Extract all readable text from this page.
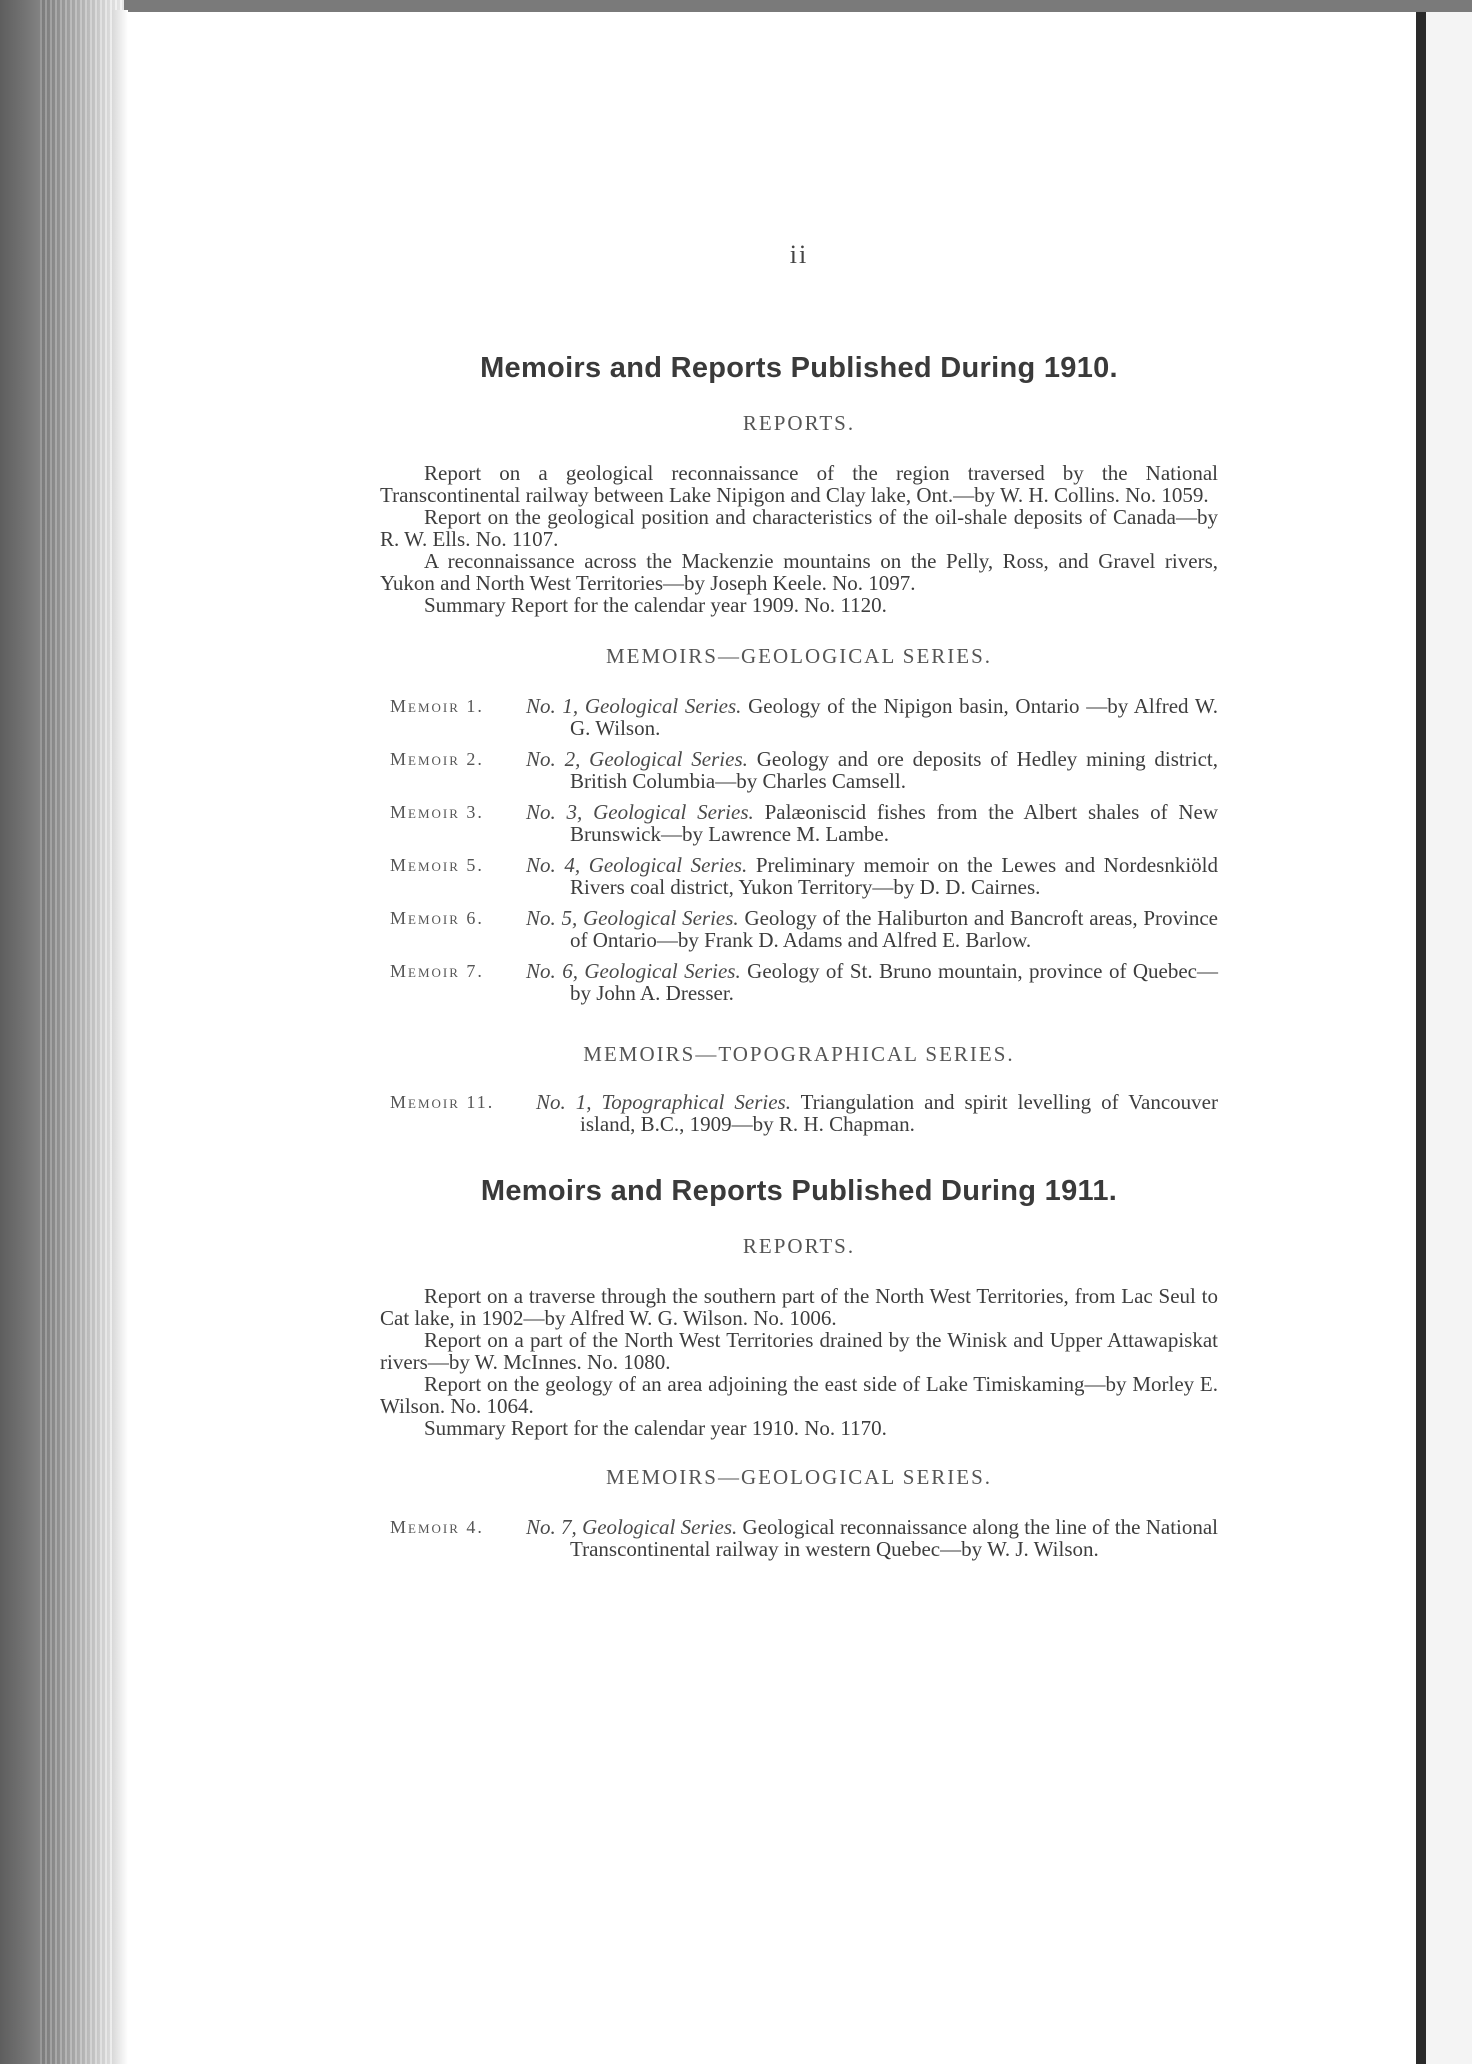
ii
Memoirs and Reports Published During 1910.
REPORTS.

Report on a geological reconnaissance of the region traversed by the National Transcontinental railway between Lake Nipigon and Clay lake, Ont.—by W. H. Collins. No. 1059.

Report on the geological position and characteristics of the oil-shale deposits of Canada—by R. W. Ells. No. 1107.

A reconnaissance across the Mackenzie mountains on the Pelly, Ross, and Gravel rivers, Yukon and North West Territories—by Joseph Keele. No. 1097.

Summary Report for the calendar year 1909. No. 1120.

MEMOIRS—GEOLOGICAL SERIES.
Memoir 1. No. 1, Geological Series. Geology of the Nipigon basin, Ontario —by Alfred W. G. Wilson.
Memoir 2. No. 2, Geological Series. Geology and ore deposits of Hedley mining district, British Columbia—by Charles Camsell.
Memoir 3. No. 3, Geological Series. Palæoniscid fishes from the Albert shales of New Brunswick—by Lawrence M. Lambe.
Memoir 5. No. 4, Geological Series. Preliminary memoir on the Lewes and Nordesnkiöld Rivers coal district, Yukon Territory—by D. D. Cairnes.
Memoir 6. No. 5, Geological Series. Geology of the Haliburton and Bancroft areas, Province of Ontario—by Frank D. Adams and Alfred E. Barlow.
Memoir 7. No. 6, Geological Series. Geology of St. Bruno mountain, province of Quebec—by John A. Dresser.
MEMOIRS—TOPOGRAPHICAL SERIES.
Memoir 11. No. 1, Topographical Series. Triangulation and spirit levelling of Vancouver island, B.C., 1909—by R. H. Chapman.
Memoirs and Reports Published During 1911.
REPORTS.

Report on a traverse through the southern part of the North West Territories, from Lac Seul to Cat lake, in 1902—by Alfred W. G. Wilson. No. 1006.

Report on a part of the North West Territories drained by the Winisk and Upper Attawapiskat rivers—by W. McInnes. No. 1080.

Report on the geology of an area adjoining the east side of Lake Timiskaming—by Morley E. Wilson. No. 1064.

Summary Report for the calendar year 1910. No. 1170.

MEMOIRS—GEOLOGICAL SERIES.
Memoir 4. No. 7, Geological Series. Geological reconnaissance along the line of the National Transcontinental railway in western Quebec—by W. J. Wilson.
